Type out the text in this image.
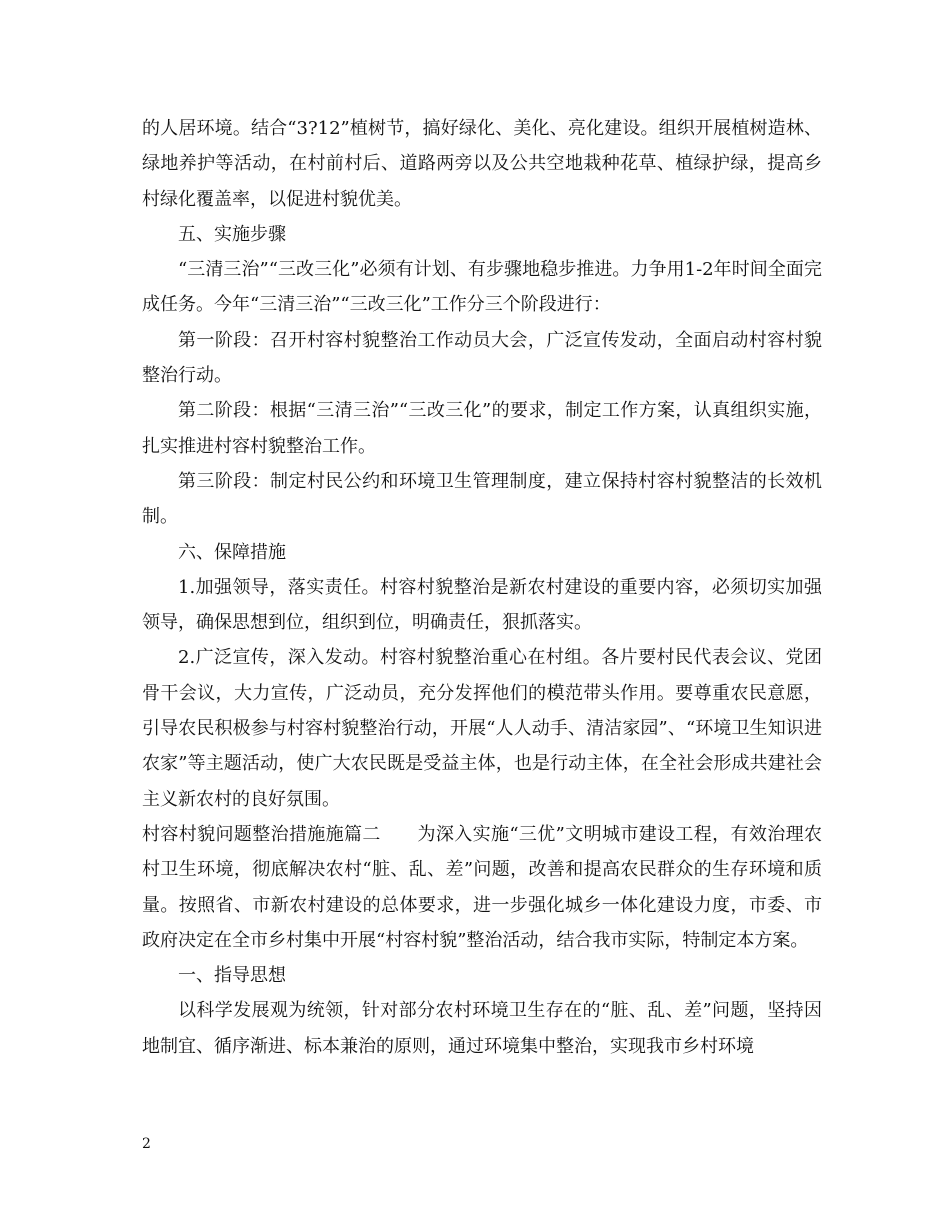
的人居环境。结合“3?12”植树节，搞好绿化、美化、亮化建设。组织开展植树造林、绿地养护等活动，在村前村后、道路两旁以及公共空地栽种花草、植绿护绿，提高乡村绿化覆盖率，以促进村貌优美。

五、实施步骤

“三清三治”“三改三化”必须有计划、有步骤地稳步推进。力争用1-2年时间全面完成任务。今年“三清三治”“三改三化”工作分三个阶段进行：

第一阶段：召开村容村貌整治工作动员大会，广泛宣传发动，全面启动村容村貌整治行动。

第二阶段：根据“三清三治”“三改三化”的要求，制定工作方案，认真组织实施，扎实推进村容村貌整治工作。

第三阶段：制定村民公约和环境卫生管理制度，建立保持村容村貌整洁的长效机制。

六、保障措施

1.加强领导，落实责任。村容村貌整治是新农村建设的重要内容，必须切实加强领导，确保思想到位，组织到位，明确责任，狠抓落实。

2.广泛宣传，深入发动。村容村貌整治重心在村组。各片要村民代表会议、党团骨干会议，大力宣传，广泛动员，充分发挥他们的模范带头作用。要尊重农民意愿，引导农民积极参与村容村貌整治行动，开展“人人动手、清洁家园”、“环境卫生知识进农家”等主题活动，使广大农民既是受益主体，也是行动主体，在全社会形成共建社会主义新农村的良好氛围。

村容村貌问题整治措施施篇二　　为深入实施“三优”文明城市建设工程，有效治理农村卫生环境，彻底解决农村“脏、乱、差”问题，改善和提高农民群众的生存环境和质量。按照省、市新农村建设的总体要求，进一步强化城乡一体化建设力度，市委、市政府决定在全市乡村集中开展“村容村貌”整治活动，结合我市实际，特制定本方案。

一、指导思想

以科学发展观为统领，针对部分农村环境卫生存在的“脏、乱、差”问题，坚持因地制宜、循序渐进、标本兼治的原则，通过环境集中整治，实现我市乡村环境

2
